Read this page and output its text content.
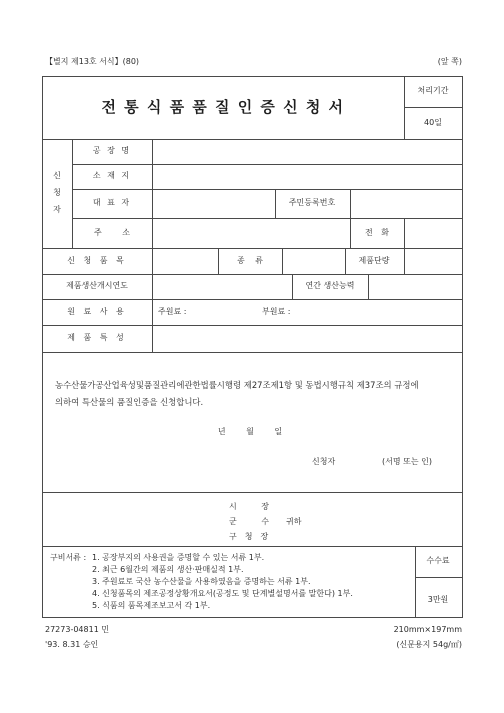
【별지 제13호 서식】(80)	(앞 쪽)
전 통 식 품 품 질 인 증 신 청 서
처리기간
40일
신
청
자
공 장 명
소 재 지
대 표 자	주민등록번호
주 소	전 화
신 청 품 목	종 류	제품단량
제품생산개시연도	연간 생산능력
원 료 사 용	주원료 :	부원료 :
제 품 특 성
농수산물가공산업육성및품질관리에관한법률시행령 제27조제1항 및 동법시행규칙 제37조의 규정에
의하여 특산물의 품질인증을 신청합니다.
년 월 일
신청자	(서명 또는 인)
시 장
군 수
구 청 장
귀하
구비서류 : 1. 공장부지의 사용권을 증명할 수 있는 서류 1부.
2. 최근 6월간의 제품의 생산·판매실적 1부.
3. 주원료로 국산 농수산물을 사용하였음을 증명하는 서류 1부.
4. 신청품목의 제조공정상황개요서(공정도 및 단계별설명서를 말한다) 1부.
5. 식품의 품목제조보고서 각 1부.
수수료
3만원
27273-04811 민	210mm×197mm
'93. 8.31 승인	(신문용지 54g/㎡)
